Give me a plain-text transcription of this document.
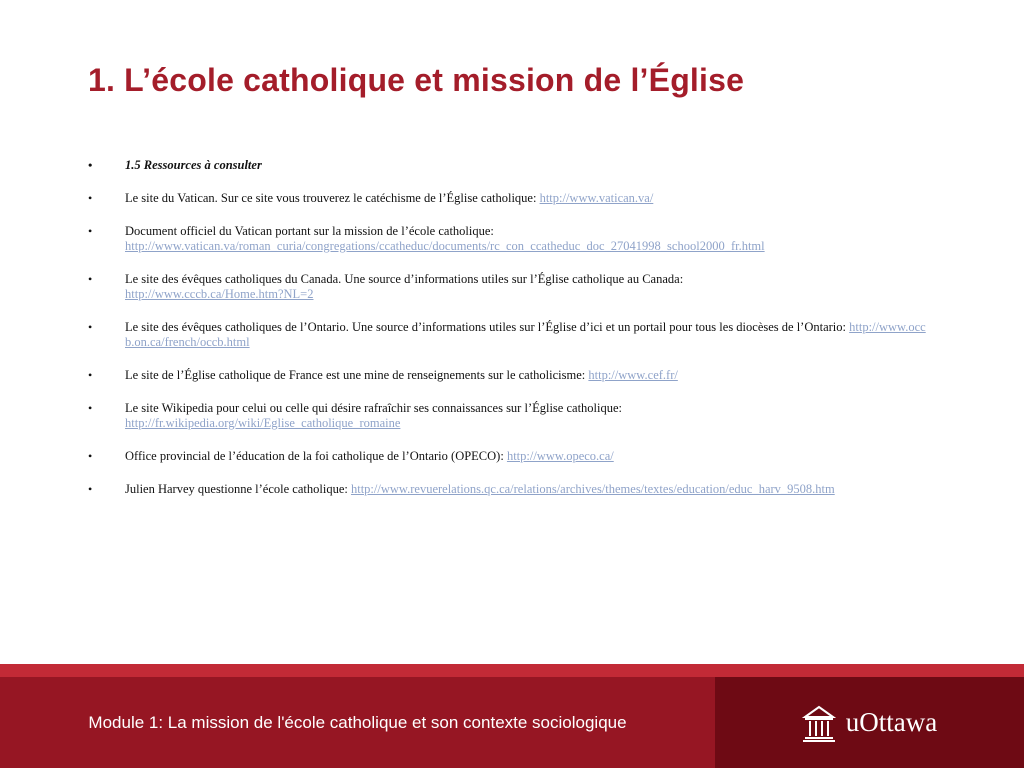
1. L’école catholique et mission de l’Église
•	1.5 Ressources à consulter
•	Le site du Vatican. Sur ce site vous trouverez le catéchisme de l’Église catholique: http://www.vatican.va/
•	Document officiel du Vatican portant sur la mission de l’école catholique:
http://www.vatican.va/roman_curia/congregations/ccatheduc/documents/rc_con_ccatheduc_doc_27041998_school2000_fr.html
•	Le site des évêques catholiques du Canada. Une source d’informations utiles sur l’Église catholique au Canada:
http://www.cccb.ca/Home.htm?NL=2
•	Le site des évêques catholiques de l’Ontario. Une source d’informations utiles sur l’Église d’ici et un portail pour tous les diocèses de l’Ontario: http://www.occb.on.ca/french/occb.html
•	Le site de l’Église catholique de France est une mine de renseignements sur le catholicisme: http://www.cef.fr/
•	Le site Wikipedia pour celui ou celle qui désire rafraîchir ses connaissances sur l’Église catholique:
http://fr.wikipedia.org/wiki/Eglise_catholique_romaine
•	Office provincial de l’éducation de la foi catholique de l’Ontario (OPECO): http://www.opeco.ca/
•	Julien Harvey questionne l’école catholique: http://www.revuerelations.qc.ca/relations/archives/themes/textes/education/educ_harv_9508.htm
Module 1: La mission de l'école catholique et son contexte sociologique	uOttawa
